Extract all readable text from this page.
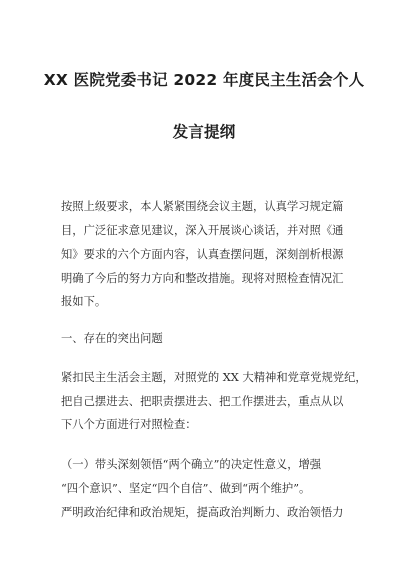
XX 医院党委书记 2022 年度民主生活会个人
发言提纲
按照上级要求，本人紧紧围绕会议主题，认真学习规定篇
目，广泛征求意见建议，深入开展谈心谈话，并对照《通
知》要求的六个方面内容，认真查摆问题，深刻剖析根源
明确了今后的努力方向和整改措施。现将对照检查情况汇
报如下。
一、存在的突出问题
紧扣民主生活会主题，对照党的 XX 大精神和党章党规党纪，
把自己摆进去、把职责摆进去、把工作摆进去，重点从以
下八个方面进行对照检查：
（一）带头深刻领悟“两个确立”的决定性意义，增强
“四个意识”、坚定“四个自信”、做到“两个维护”。
严明政治纪律和政治规矩，提高政治判断力、政治领悟力
